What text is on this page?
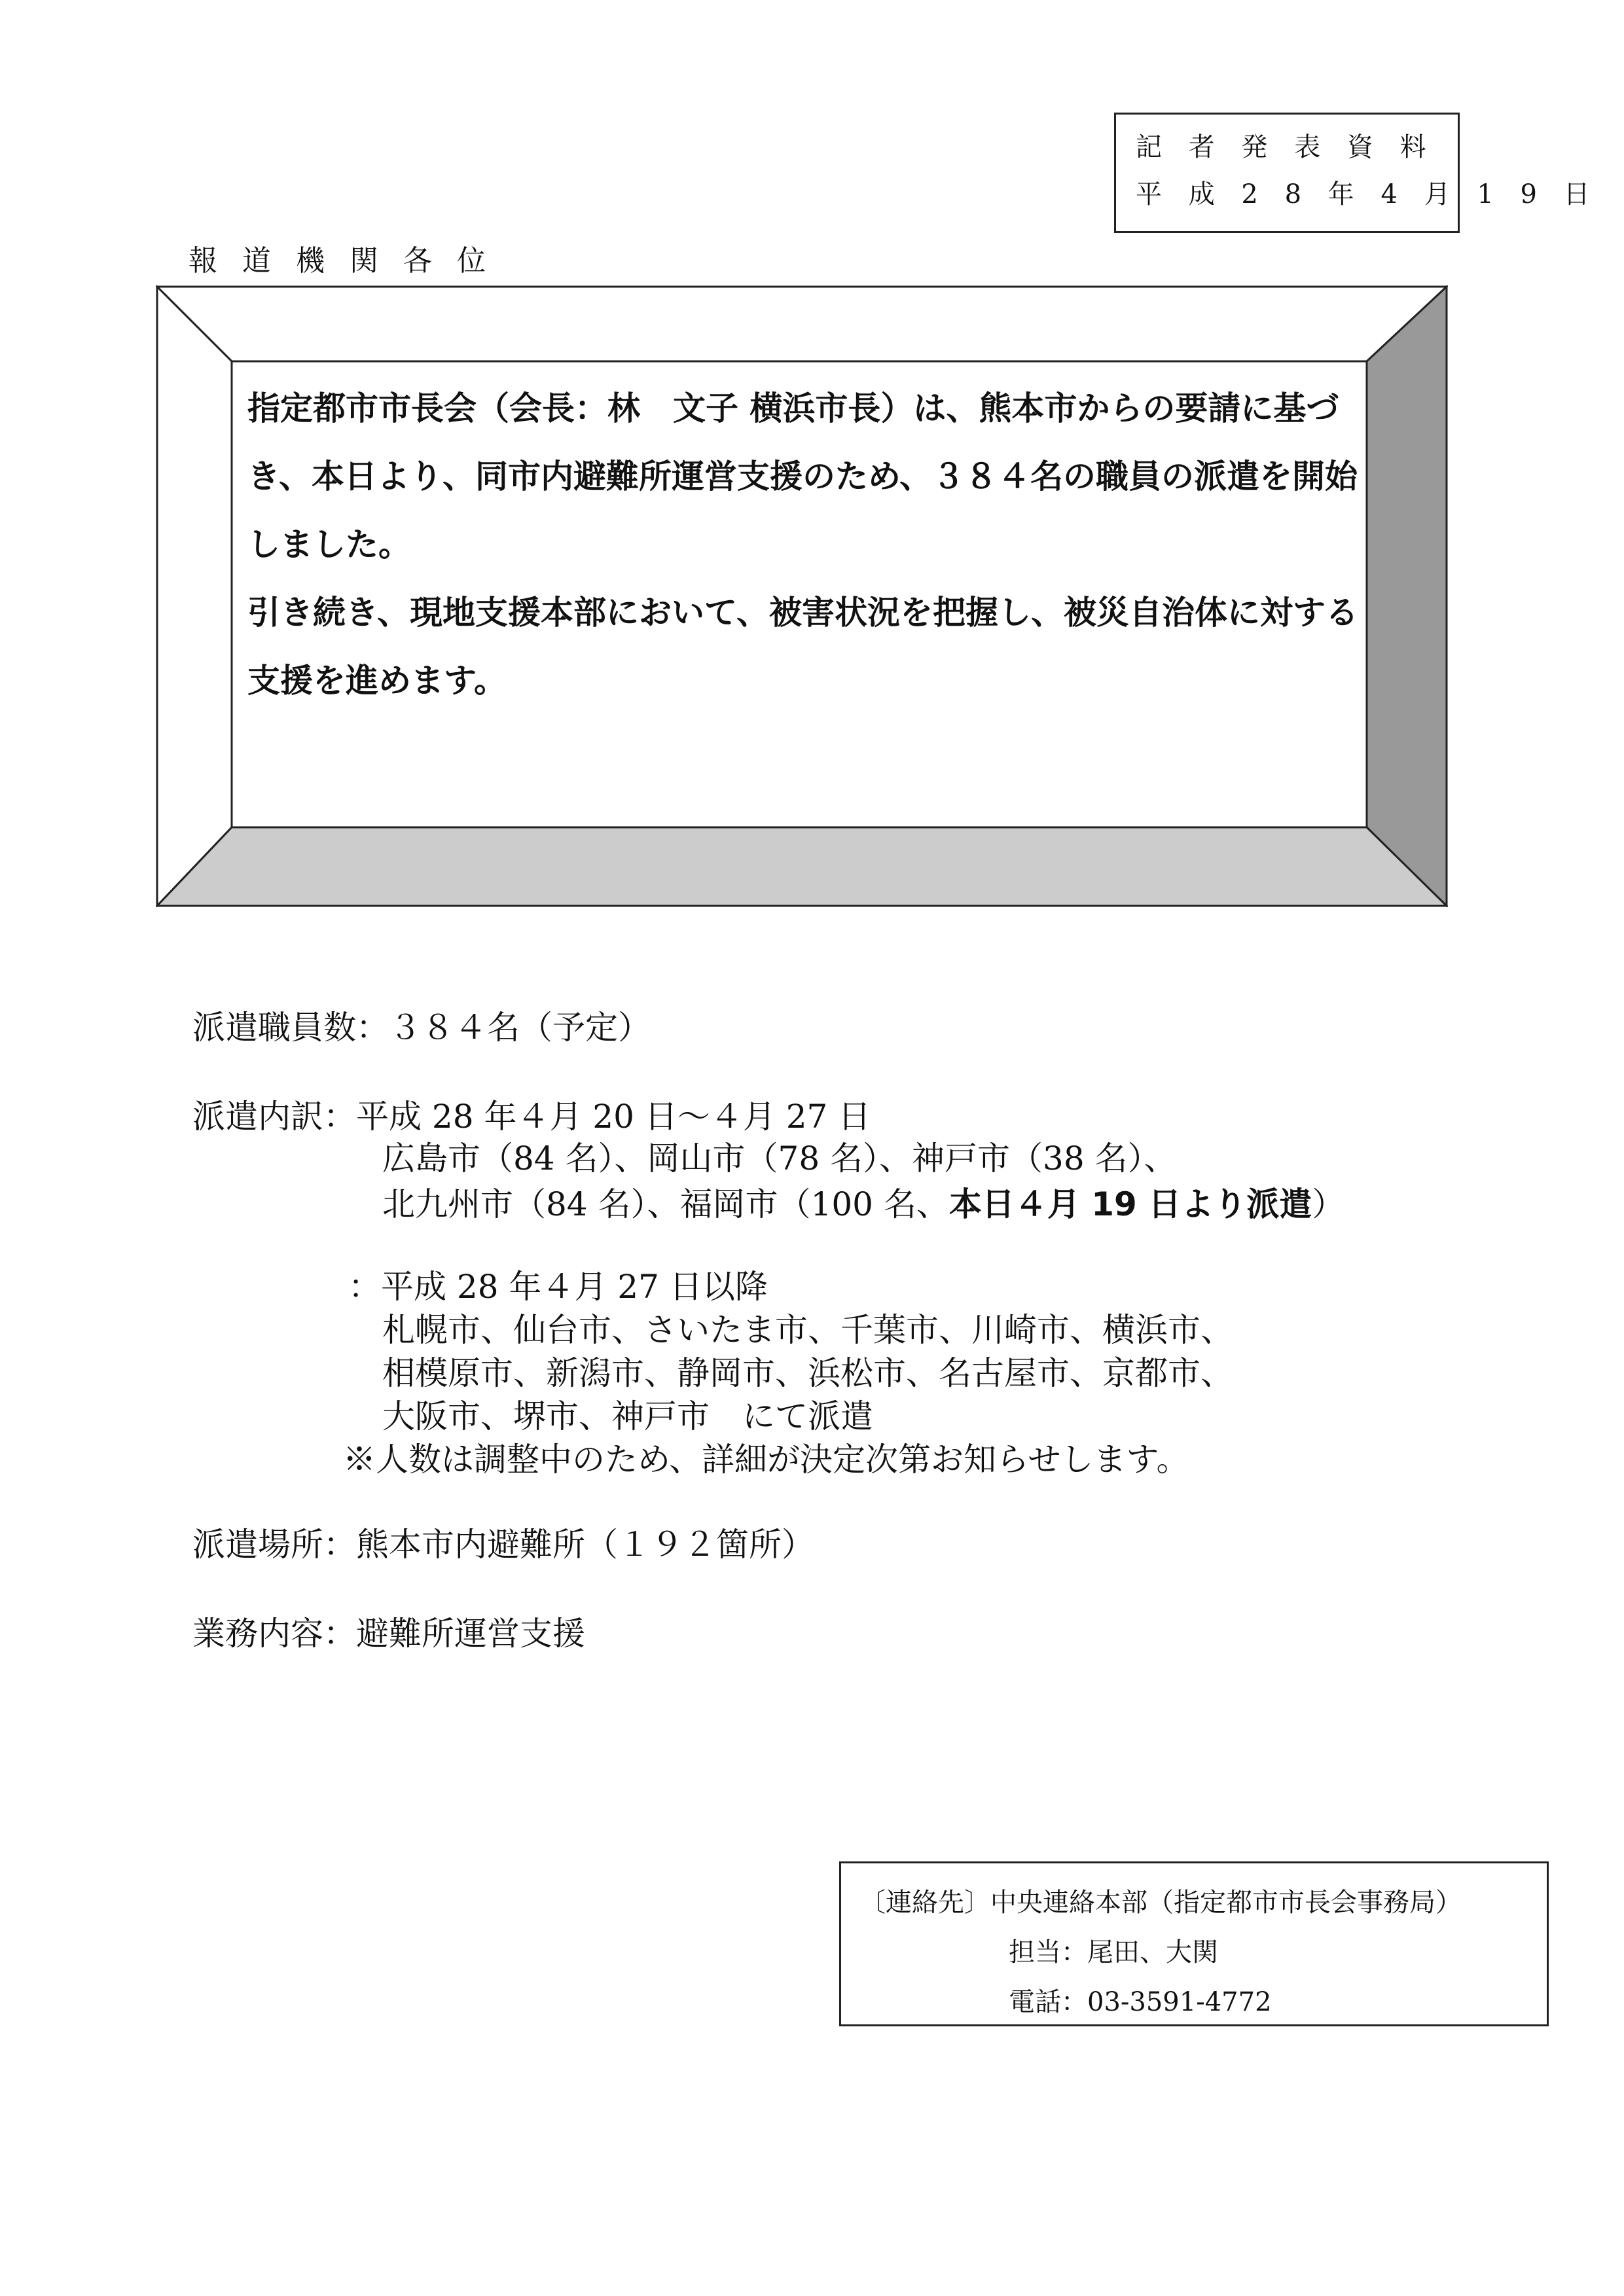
記 者 発 表 資 料
平 成 2 8 年 4 月 1 9 日
報道機関各位

指定都市市長会（会長：林　文子 横浜市長）は、熊本市からの要請に基づき、本日より、同市内避難所運営支援のため、３８４名の職員の派遣を開始しました。

引き続き、現地支援本部において、被害状況を把握し、被災自治体に対する支援を進めます。

派遣職員数：３８４名（予定）
派遣内訳：平成 28 年４月 20 日～４月 27 日
広島市（84 名）、岡山市（78 名）、神戸市（38 名）、
北九州市（84 名）、福岡市（100 名、本日４月 19 日より派遣）
：平成 28 年４月 27 日以降
札幌市、仙台市、さいたま市、千葉市、川崎市、横浜市、
相模原市、新潟市、静岡市、浜松市、名古屋市、京都市、
大阪市、堺市、神戸市　にて派遣
※人数は調整中のため、詳細が決定次第お知らせします。
派遣場所：熊本市内避難所（１９２箇所）
業務内容：避難所運営支援
〔連絡先〕中央連絡本部（指定都市市長会事務局）
担当：尾田、大関
電話：03-3591-4772
